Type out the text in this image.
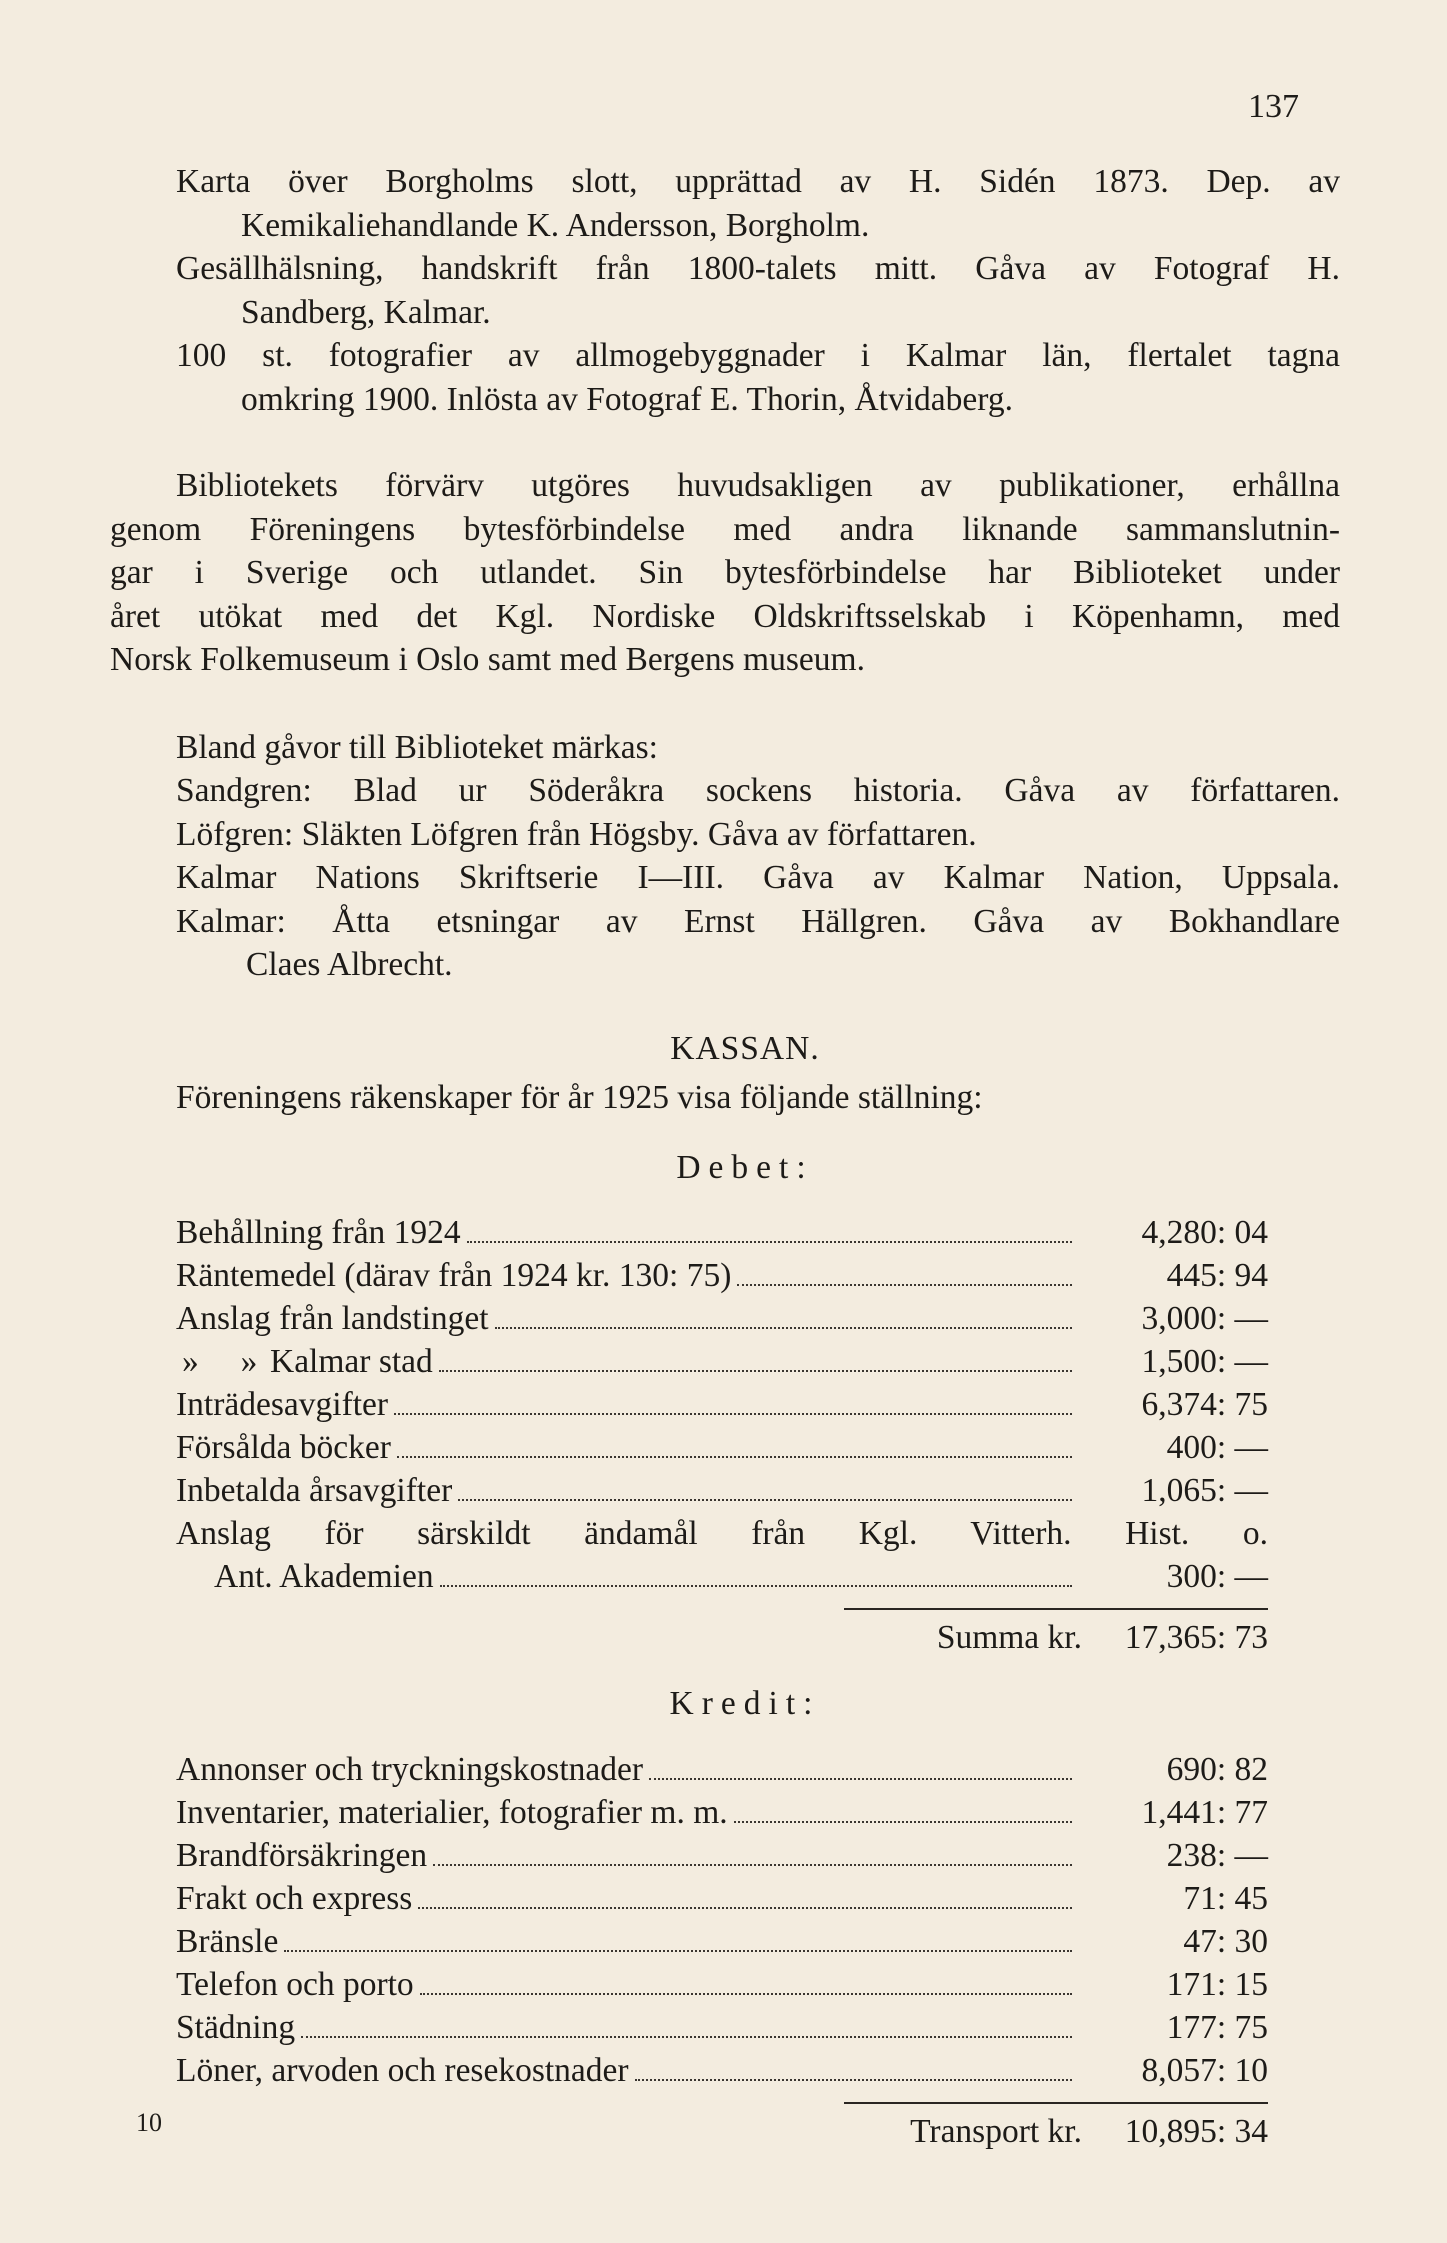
137
Karta över Borgholms slott, upprättad av H. Sidén 1873. Dep. av
Kemikaliehandlande K. Andersson, Borgholm.
Gesällhälsning, handskrift från 1800-talets mitt. Gåva av Fotograf H.
Sandberg, Kalmar.
100 st. fotografier av allmogebyggnader i Kalmar län, flertalet tagna
omkring 1900. Inlösta av Fotograf E. Thorin, Åtvidaberg.
Bibliotekets förvärv utgöres huvudsakligen av publikationer, erhållna
genom Föreningens bytesförbindelse med andra liknande sammanslutnin-
gar i Sverige och utlandet. Sin bytesförbindelse har Biblioteket under
året utökat med det Kgl. Nordiske Oldskriftsselskab i Köpenhamn, med
Norsk Folkemuseum i Oslo samt med Bergens museum.
Bland gåvor till Biblioteket märkas:
Sandgren: Blad ur Söderåkra sockens historia. Gåva av författaren.
Löfgren: Släkten Löfgren från Högsby. Gåva av författaren.
Kalmar Nations Skriftserie I—III. Gåva av Kalmar Nation, Uppsala.
Kalmar: Åtta etsningar av Ernst Hällgren. Gåva av Bokhandlare
Claes Albrecht.
KASSAN.
Föreningens räkenskaper för år 1925 visa följande ställning:
Debet:
Behållning från 1924	4,280: 04
Räntemedel (därav från 1924 kr. 130: 75)	445: 94
Anslag från landstinget	3,000: —
»     » Kalmar stad	1,500: —
Inträdesavgifter	6,374: 75
Försålda böcker	400: —
Inbetalda årsavgifter	1,065: —
Anslag för särskildt ändamål från Kgl. Vitterh. Hist. o.
Ant. Akademien	300: —
Summa kr.	17,365: 73
Kredit:
Annonser och tryckningskostnader	690: 82
Inventarier, materialier, fotografier m. m.	1,441: 77
Brandförsäkringen	238: —
Frakt och express	71: 45
Bränsle	47: 30
Telefon och porto	171: 15
Städning	177: 75
Löner, arvoden och resekostnader	8,057: 10
Transport kr.	10,895: 34
10
